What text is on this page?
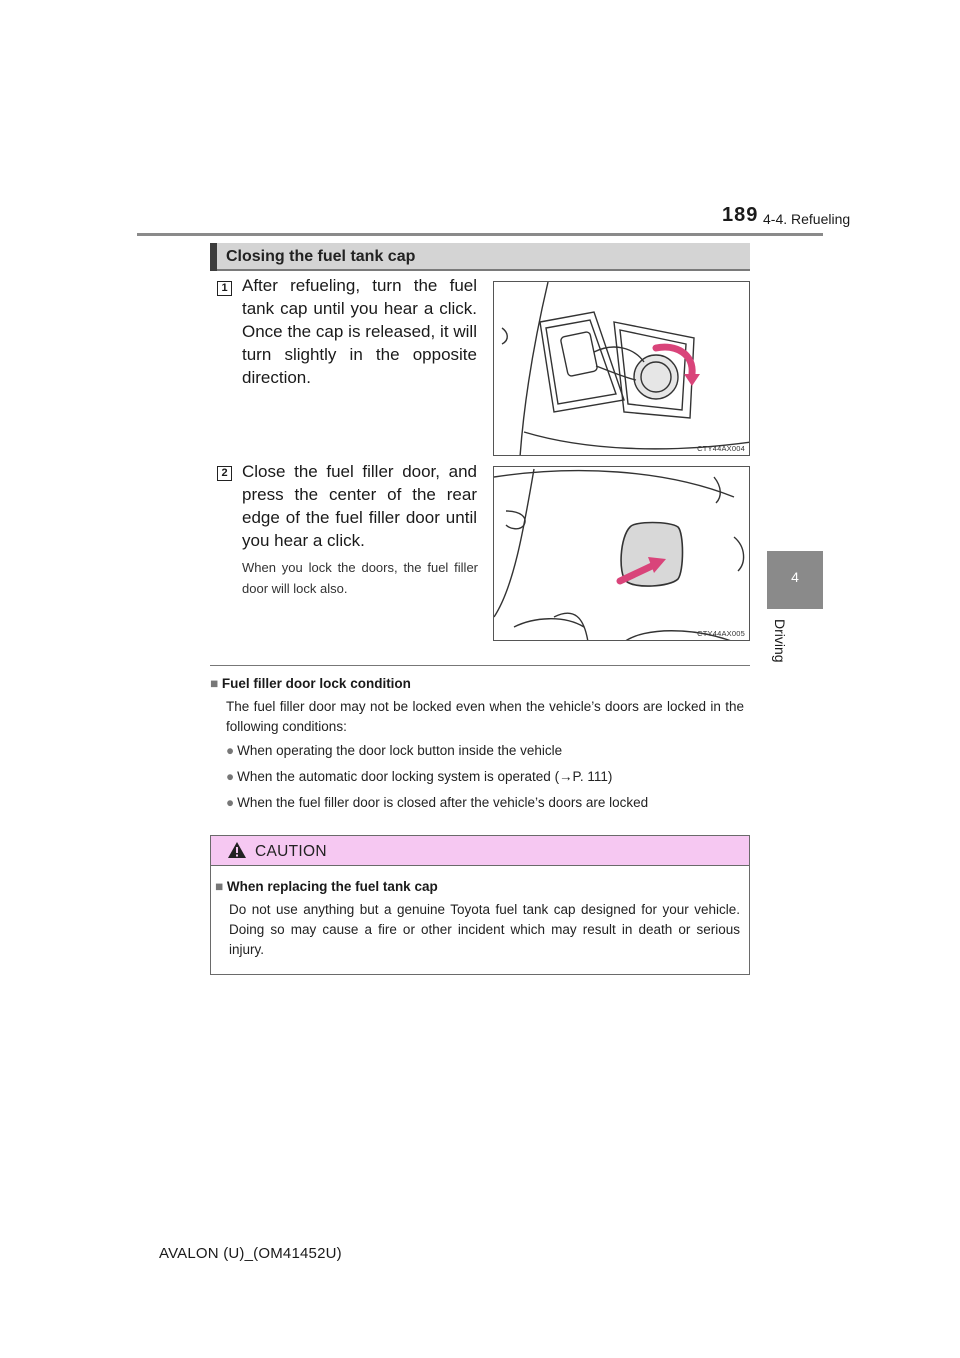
4-4. Refueling
189
4
Driving
Closing the fuel tank cap
1 After refueling, turn the fuel tank cap until you hear a click. Once the cap is released, it will turn slightly in the opposite direction.
CTY44AX004
2 Close the fuel filler door, and press the center of the rear edge of the fuel filler door until you hear a click.
When you lock the doors, the fuel filler door will lock also.
CTY44AX005
■ Fuel filler door lock condition
The fuel filler door may not be locked even when the vehicle’s doors are locked in the following conditions:
● When operating the door lock button inside the vehicle
● When the automatic door locking system is operated (→P. 111)
● When the fuel filler door is closed after the vehicle’s doors are locked
CAUTION
■ When replacing the fuel tank cap
Do not use anything but a genuine Toyota fuel tank cap designed for your vehicle. Doing so may cause a fire or other incident which may result in death or serious injury.
AVALON (U)_(OM41452U)
